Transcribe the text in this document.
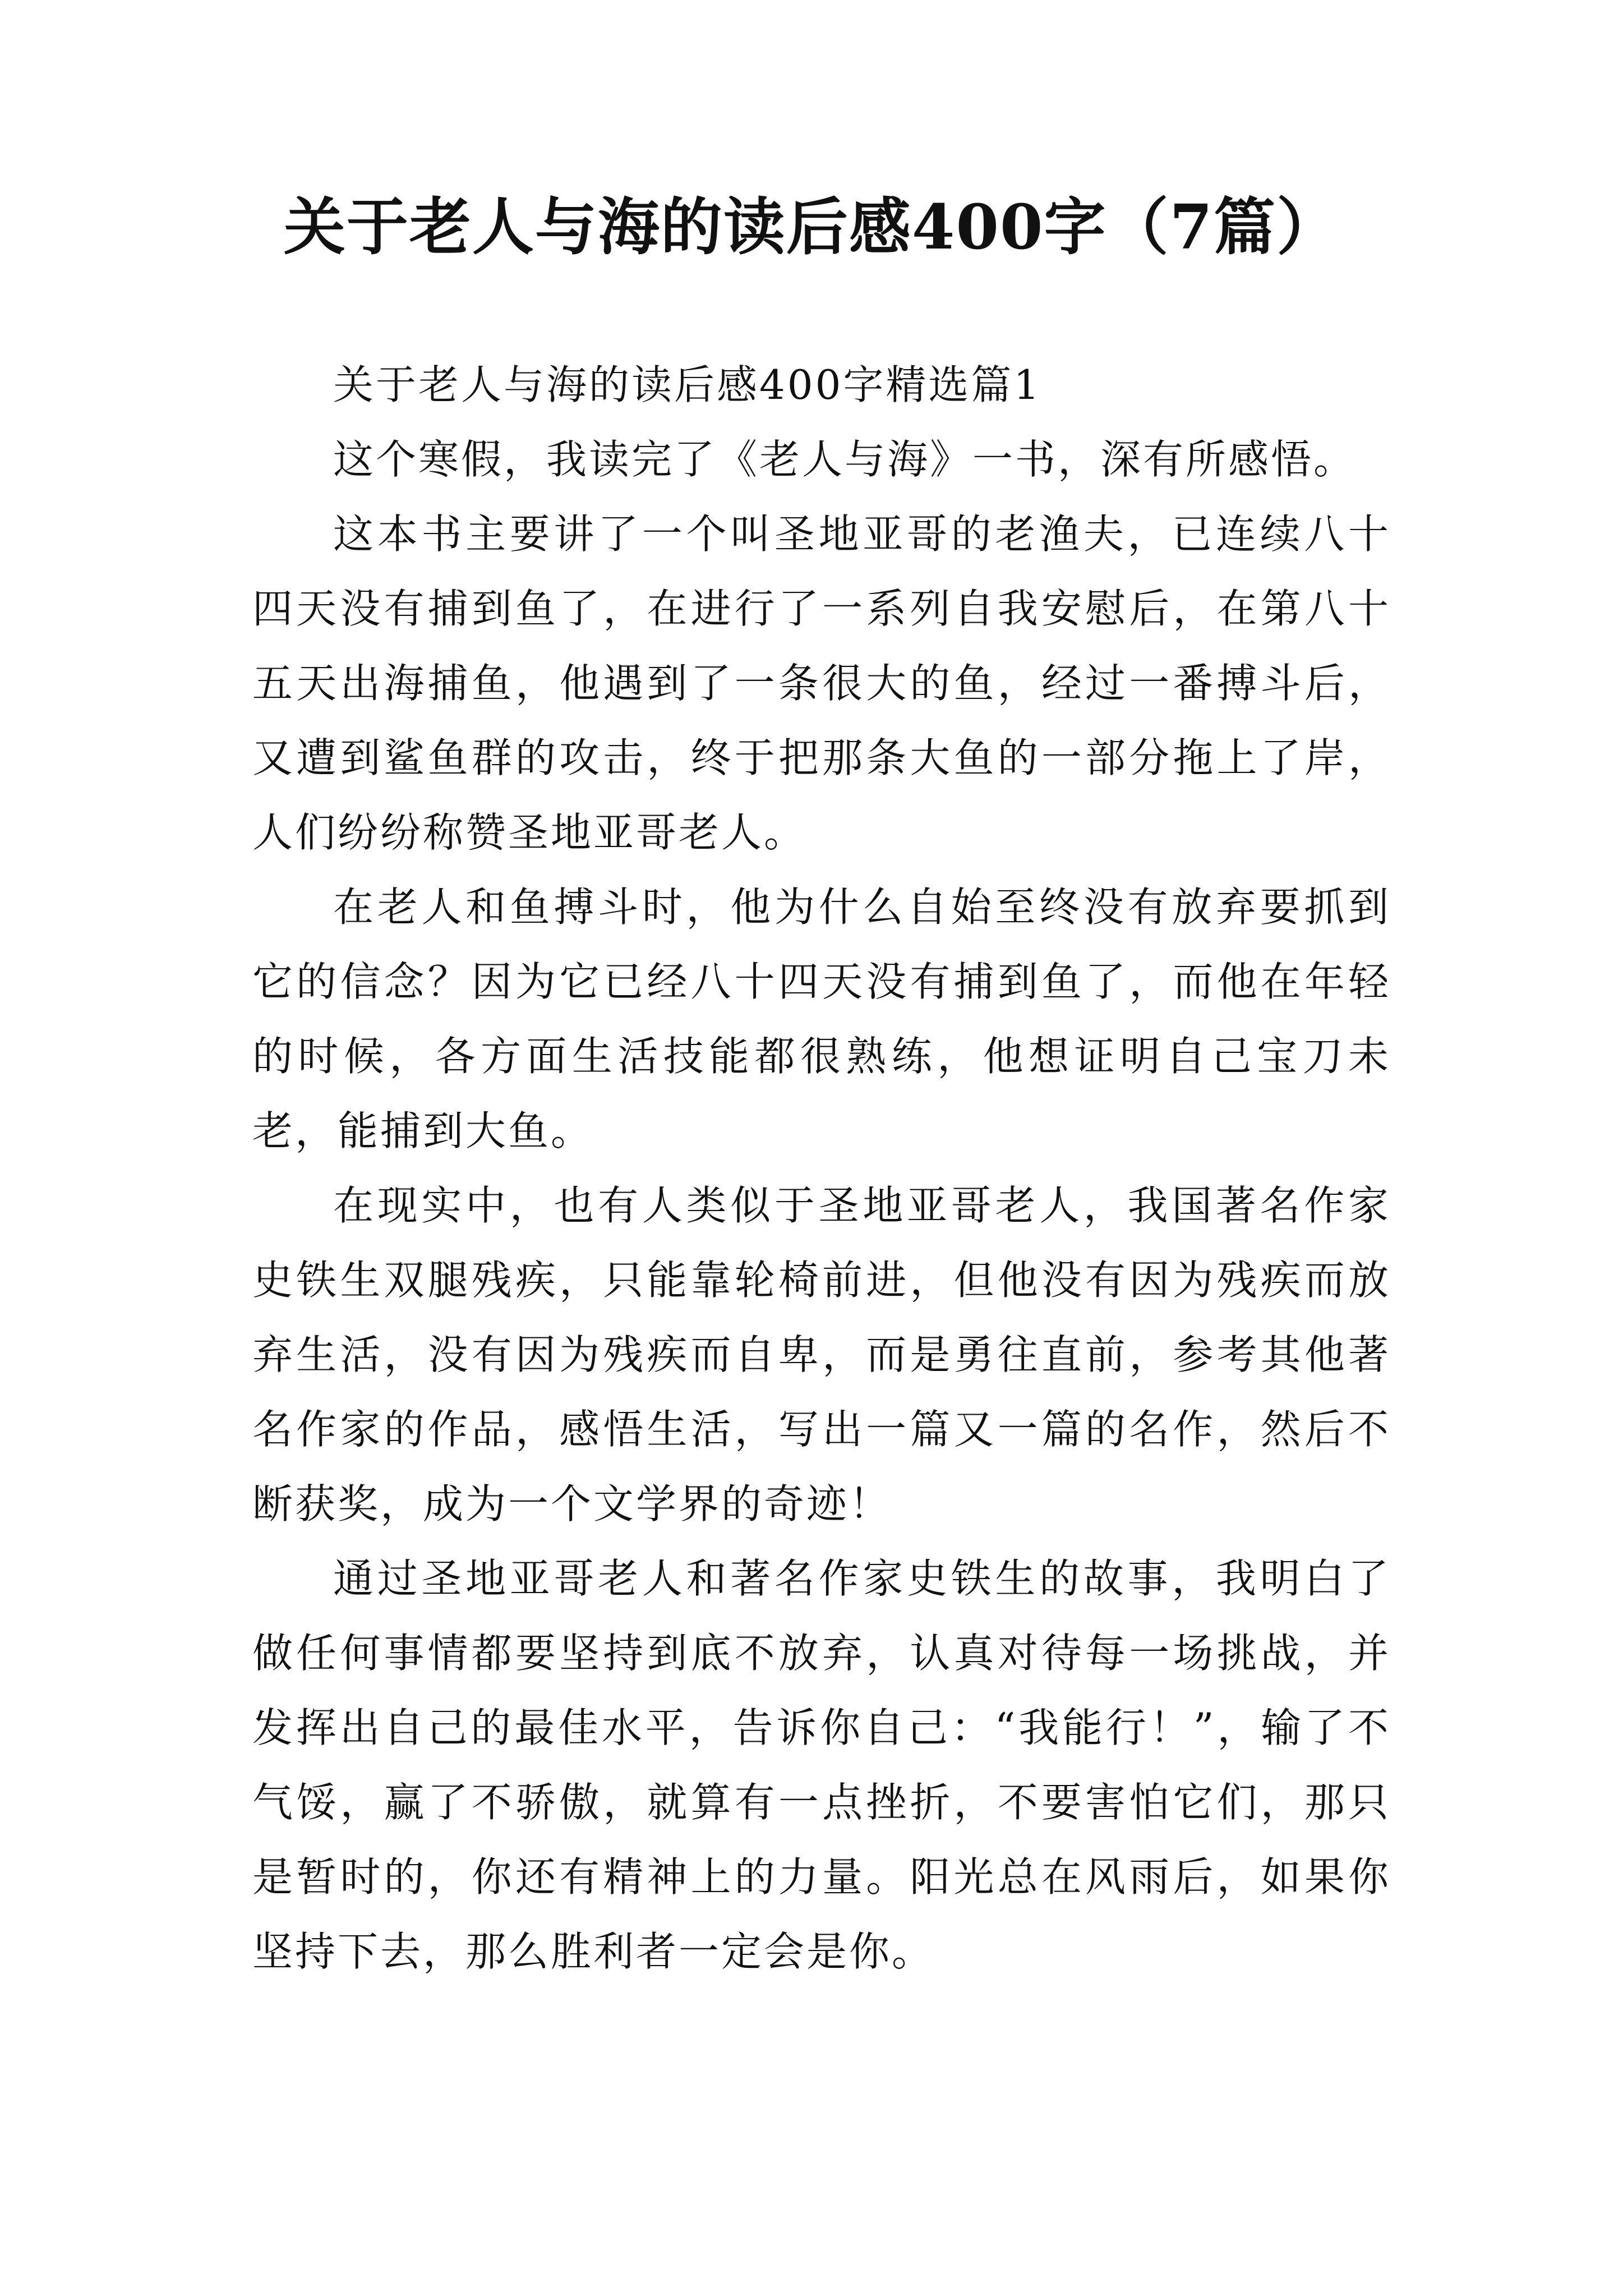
关于老人与海的读后感400字（7篇）

关于老人与海的读后感400字精选篇1

这个寒假，我读完了《老人与海》一书，深有所感悟。

这本书主要讲了一个叫圣地亚哥的老渔夫，已连续八十四天没有捕到鱼了，在进行了一系列自我安慰后，在第八十五天出海捕鱼，他遇到了一条很大的鱼，经过一番搏斗后，又遭到鲨鱼群的攻击，终于把那条大鱼的一部分拖上了岸，人们纷纷称赞圣地亚哥老人。

在老人和鱼搏斗时，他为什么自始至终没有放弃要抓到它的信念？因为它已经八十四天没有捕到鱼了，而他在年轻的时候，各方面生活技能都很熟练，他想证明自己宝刀未老，能捕到大鱼。

在现实中，也有人类似于圣地亚哥老人，我国著名作家史铁生双腿残疾，只能靠轮椅前进，但他没有因为残疾而放弃生活，没有因为残疾而自卑，而是勇往直前，参考其他著名作家的作品，感悟生活，写出一篇又一篇的名作，然后不断获奖，成为一个文学界的奇迹！

通过圣地亚哥老人和著名作家史铁生的故事，我明白了做任何事情都要坚持到底不放弃，认真对待每一场挑战，并发挥出自己的最佳水平，告诉你自己：“我能行！”，输了不气馁，赢了不骄傲，就算有一点挫折，不要害怕它们，那只是暂时的，你还有精神上的力量。阳光总在风雨后，如果你坚持下去，那么胜利者一定会是你。
